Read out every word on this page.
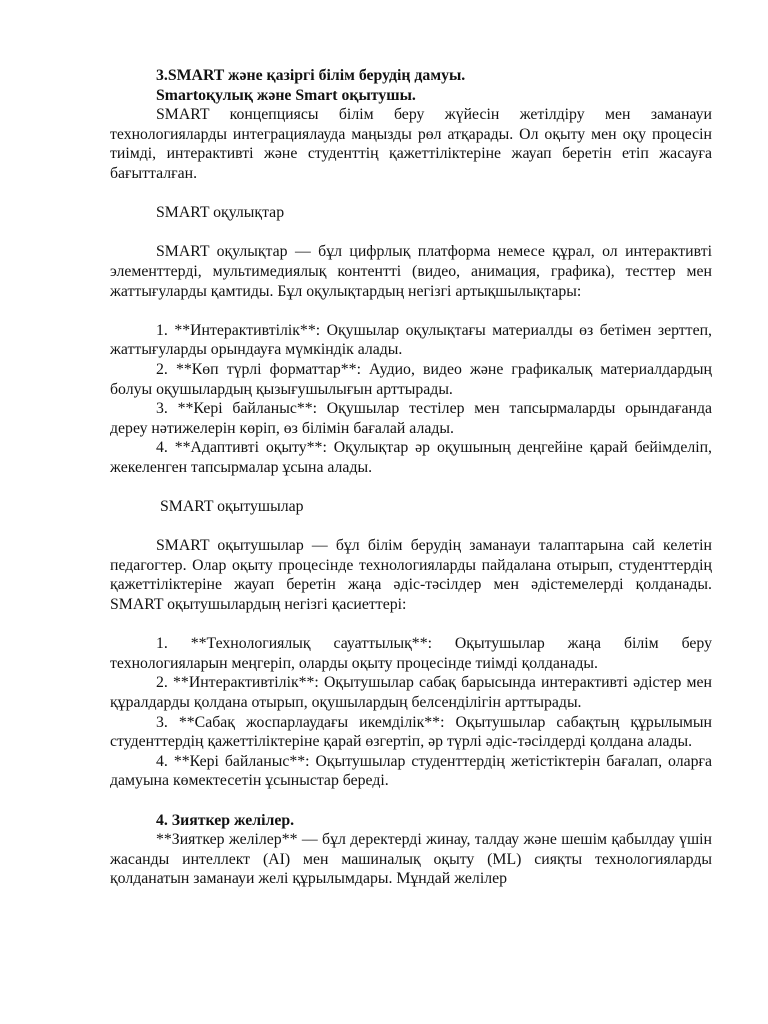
3.SMART және қазіргі білім берудің дамуы.

Smartоқулық және Smart оқытушы.

SMART концепциясы білім беру жүйесін жетілдіру мен заманауи технологияларды интеграциялауда маңызды рөл атқарады. Ол оқыту мен оқу процесін тиімді, интерактивті және студенттің қажеттіліктеріне жауап беретін етіп жасауға бағытталған.

SMART оқулықтар

SMART оқулықтар — бұл цифрлық платформа немесе құрал, ол интерактивті элементтерді, мультимедиялық контентті (видео, анимация, графика), тесттер мен жаттығуларды қамтиды. Бұл оқулықтардың негізгі артықшылықтары:

1. **Интерактивтілік**: Оқушылар оқулықтағы материалды өз бетімен зерттеп, жаттығуларды орындауға мүмкіндік алады.

2. **Көп түрлі форматтар**: Аудио, видео және графикалық материалдардың болуы оқушылардың қызығушылығын арттырады.

3. **Кері байланыс**: Оқушылар тестілер мен тапсырмаларды орындағанда дереу нәтижелерін көріп, өз білімін бағалай алады.

4. **Адаптивті оқыту**: Оқулықтар әр оқушының деңгейіне қарай бейімделіп, жекеленген тапсырмалар ұсына алады.

SMART оқытушылар

SMART оқытушылар — бұл білім берудің заманауи талаптарына сай келетін педагогтер. Олар оқыту процесінде технологияларды пайдалана отырып, студенттердің қажеттіліктеріне жауап беретін жаңа әдіс-тәсілдер мен әдістемелерді қолданады. SMART оқытушылардың негізгі қасиеттері:

1. **Технологиялық сауаттылық**: Оқытушылар жаңа білім беру технологияларын меңгеріп, оларды оқыту процесінде тиімді қолданады.

2. **Интерактивтілік**: Оқытушылар сабақ барысында интерактивті әдістер мен құралдарды қолдана отырып, оқушылардың белсенділігін арттырады.

3. **Сабақ жоспарлаудағы икемділік**: Оқытушылар сабақтың құрылымын студенттердің қажеттіліктеріне қарай өзгертіп, әр түрлі әдіс-тәсілдерді қолдана алады.

4. **Кері байланыс**: Оқытушылар студенттердің жетістіктерін бағалап, оларға дамуына көмектесетін ұсыныстар береді.

4. Зияткер желілер.

**Зияткер желілер** — бұл деректерді жинау, талдау және шешім қабылдау үшін жасанды интеллект (AI) мен машиналық оқыту (ML) сияқты технологияларды қолданатын заманауи желі құрылымдары. Мұндай желілер
